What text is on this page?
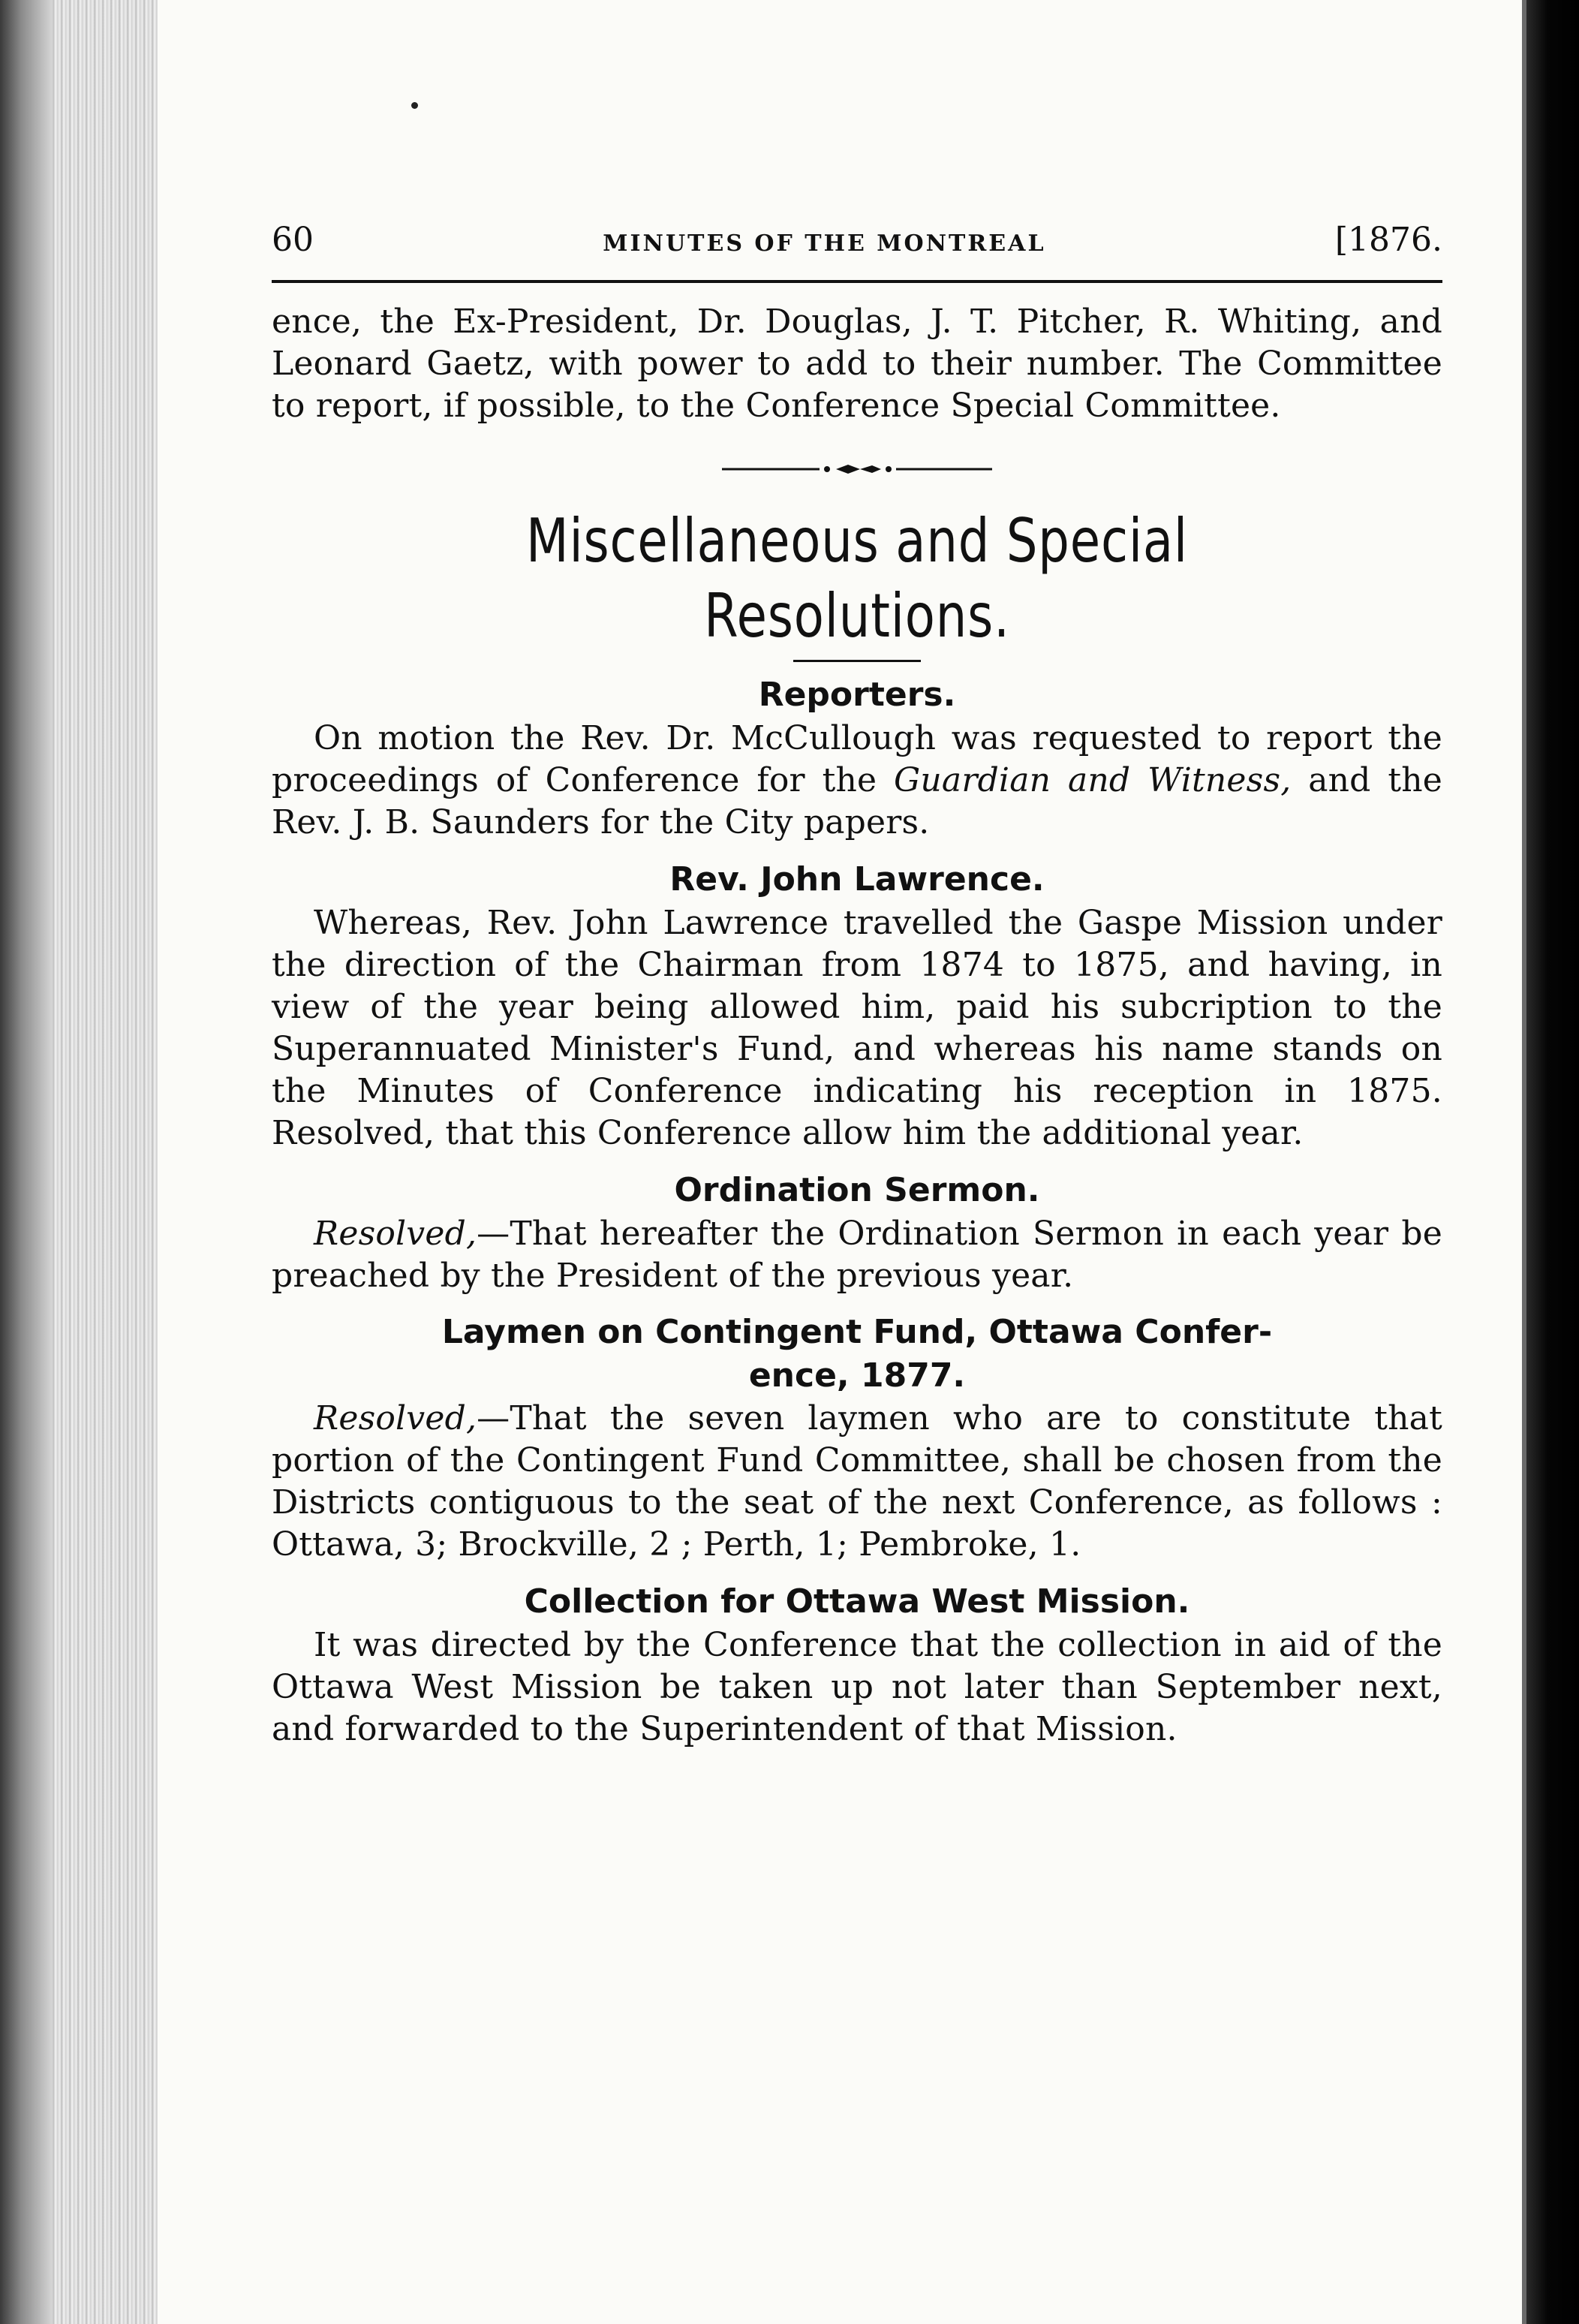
60	MINUTES OF THE MONTREAL	[1876.

ence, the Ex-President, Dr. Douglas, J. T. Pitcher, R. Whiting, and Leonard Gaetz, with power to add to their number. The Committee to report, if possible, to the Conference Special Committee.

Miscellaneous and Special Resolutions.
Reporters.

On motion the Rev. Dr. McCullough was requested to report the proceedings of Conference for the Guardian and Witness, and the Rev. J. B. Saunders for the City papers.

Rev. John Lawrence.

Whereas, Rev. John Lawrence travelled the Gaspe Mission under the direction of the Chairman from 1874 to 1875, and having, in view of the year being allowed him, paid his subcription to the Superannuated Minister's Fund, and whereas his name stands on the Minutes of Conference indicating his reception in 1875. Resolved, that this Conference allow him the additional year.

Ordination Sermon.

Resolved,—That hereafter the Ordination Sermon in each year be preached by the President of the previous year.

Laymen on Contingent Fund, Ottawa Confer-
ence, 1877.

Resolved,—That the seven laymen who are to constitute that portion of the Contingent Fund Committee, shall be chosen from the Districts contiguous to the seat of the next Conference, as follows : Ottawa, 3; Brockville, 2 ; Perth, 1; Pembroke, 1.

Collection for Ottawa West Mission.

It was directed by the Conference that the collection in aid of the Ottawa West Mission be taken up not later than September next, and forwarded to the Superintendent of that Mission.
